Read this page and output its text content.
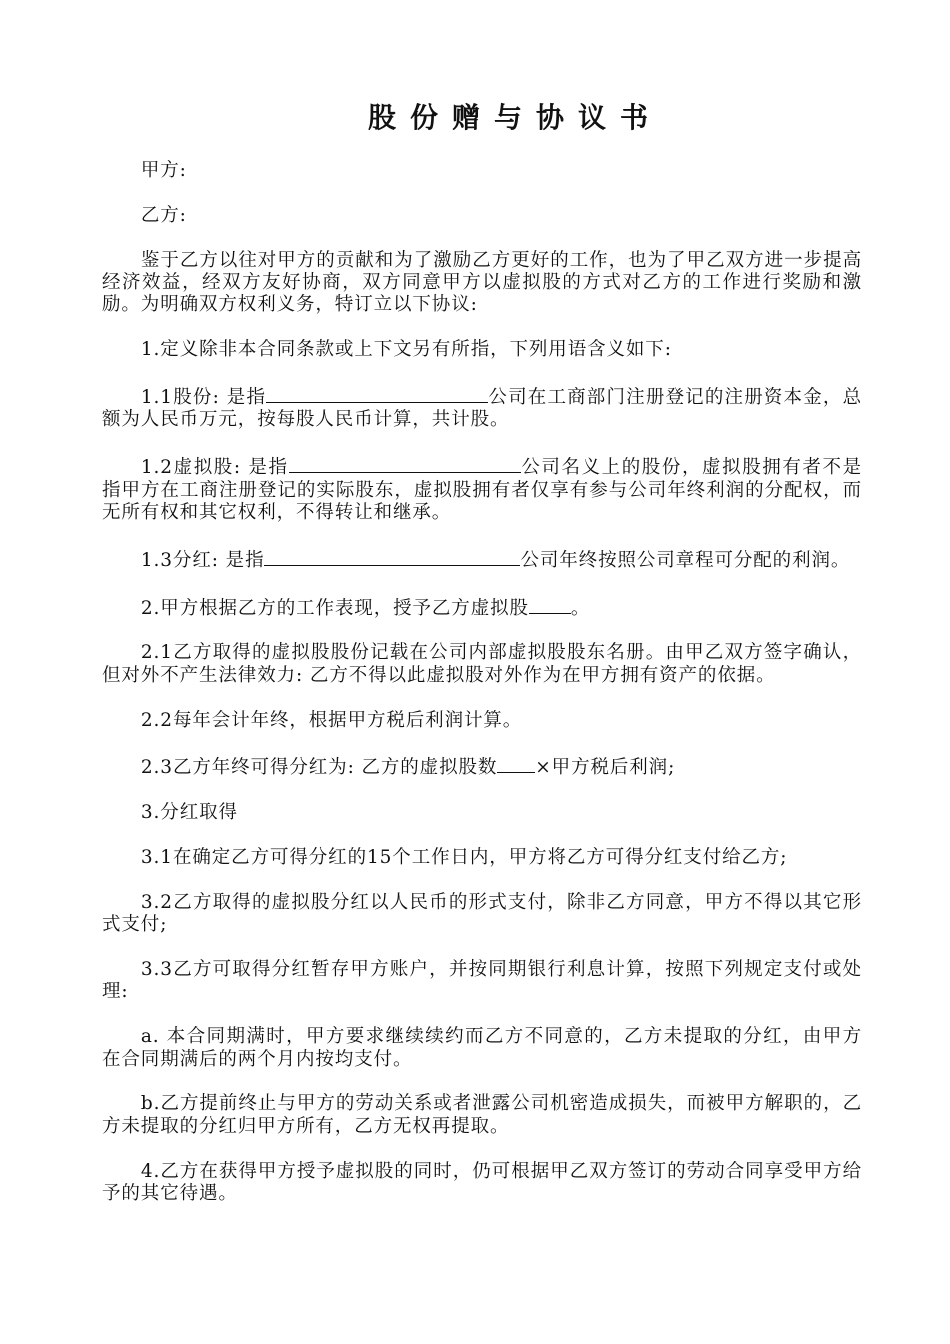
股份赠与协议书

甲方:

乙方:

鉴于乙方以往对甲方的贡献和为了激励乙方更好的工作，也为了甲乙双方进一步提高经济效益，经双方友好协商，双方同意甲方以虚拟股的方式对乙方的工作进行奖励和激励。为明确双方权利义务，特订立以下协议:

1.定义除非本合同条款或上下文另有所指，下列用语含义如下:

1.1股份: 是指	公司在工商部门注册登记的注册资本金，总额为人民币万元，按每股人民币计算，共计股。

1.2虚拟股: 是指	公司名义上的股份，虚拟股拥有者不是指甲方在工商注册登记的实际股东，虚拟股拥有者仅享有参与公司年终利润的分配权，而无所有权和其它权利，不得转让和继承。

1.3分红: 是指	公司年终按照公司章程可分配的利润。

2.甲方根据乙方的工作表现，授予乙方虚拟股 。

2.1乙方取得的虚拟股股份记载在公司内部虚拟股股东名册。由甲乙双方签字确认，但对外不产生法律效力: 乙方不得以此虚拟股对外作为在甲方拥有资产的依据。

2.2每年会计年终，根据甲方税后利润计算。

2.3乙方年终可得分红为: 乙方的虚拟股数 ×甲方税后利润;

3.分红取得

3.1在确定乙方可得分红的15个工作日内，甲方将乙方可得分红支付给乙方;

3.2乙方取得的虚拟股分红以人民币的形式支付，除非乙方同意，甲方不得以其它形式支付;

3.3乙方可取得分红暂存甲方账户，并按同期银行利息计算，按照下列规定支付或处理:

a. 本合同期满时，甲方要求继续续约而乙方不同意的，乙方未提取的分红，由甲方在合同期满后的两个月内按均支付。

b.乙方提前终止与甲方的劳动关系或者泄露公司机密造成损失，而被甲方解职的，乙方未提取的分红归甲方所有，乙方无权再提取。

4.乙方在获得甲方授予虚拟股的同时，仍可根据甲乙双方签订的劳动合同享受甲方给予的其它待遇。
